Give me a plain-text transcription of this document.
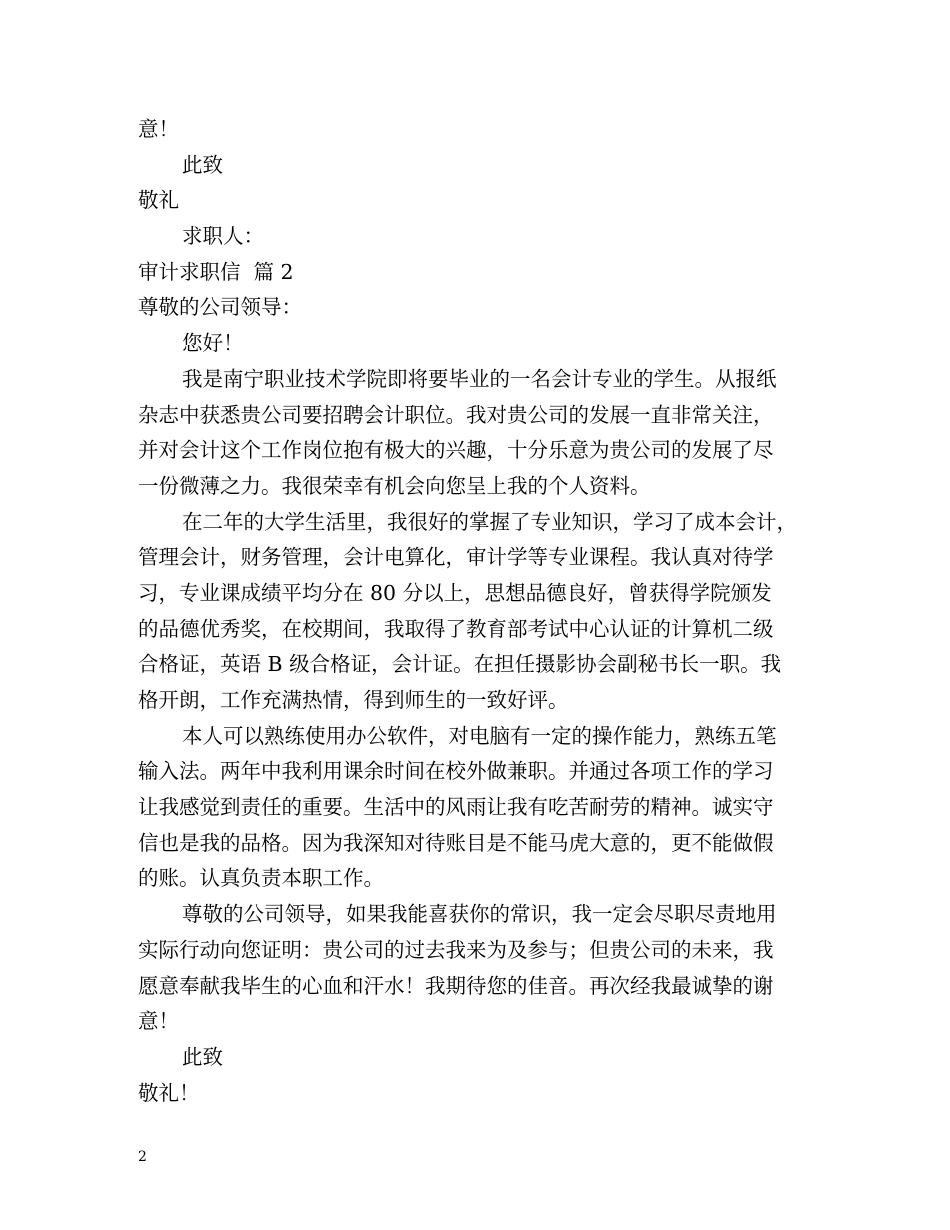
意！
此致
敬礼
求职人：
审计求职信  篇 2
尊敬的公司领导：
您好！
我是南宁职业技术学院即将要毕业的一名会计专业的学生。从报纸
杂志中获悉贵公司要招聘会计职位。我对贵公司的发展一直非常关注，
并对会计这个工作岗位抱有极大的兴趣，十分乐意为贵公司的发展了尽
一份微薄之力。我很荣幸有机会向您呈上我的个人资料。
在二年的大学生活里，我很好的掌握了专业知识，学习了成本会计，
管理会计，财务管理，会计电算化，审计学等专业课程。我认真对待学
习，专业课成绩平均分在 80 分以上，思想品德良好，曾获得学院颁发
的品德优秀奖，在校期间，我取得了教育部考试中心认证的计算机二级
合格证，英语 B 级合格证，会计证。在担任摄影协会副秘书长一职。我
格开朗，工作充满热情，得到师生的一致好评。
本人可以熟练使用办公软件，对电脑有一定的操作能力，熟练五笔
输入法。两年中我利用课余时间在校外做兼职。并通过各项工作的学习
让我感觉到责任的重要。生活中的风雨让我有吃苦耐劳的精神。诚实守
信也是我的品格。因为我深知对待账目是不能马虎大意的，更不能做假
的账。认真负责本职工作。
尊敬的公司领导，如果我能喜获你的常识，我一定会尽职尽责地用
实际行动向您证明：贵公司的过去我来为及参与；但贵公司的未来，我
愿意奉献我毕生的心血和汗水！我期待您的佳音。再次经我最诚挚的谢
意！
此致
敬礼！
2
